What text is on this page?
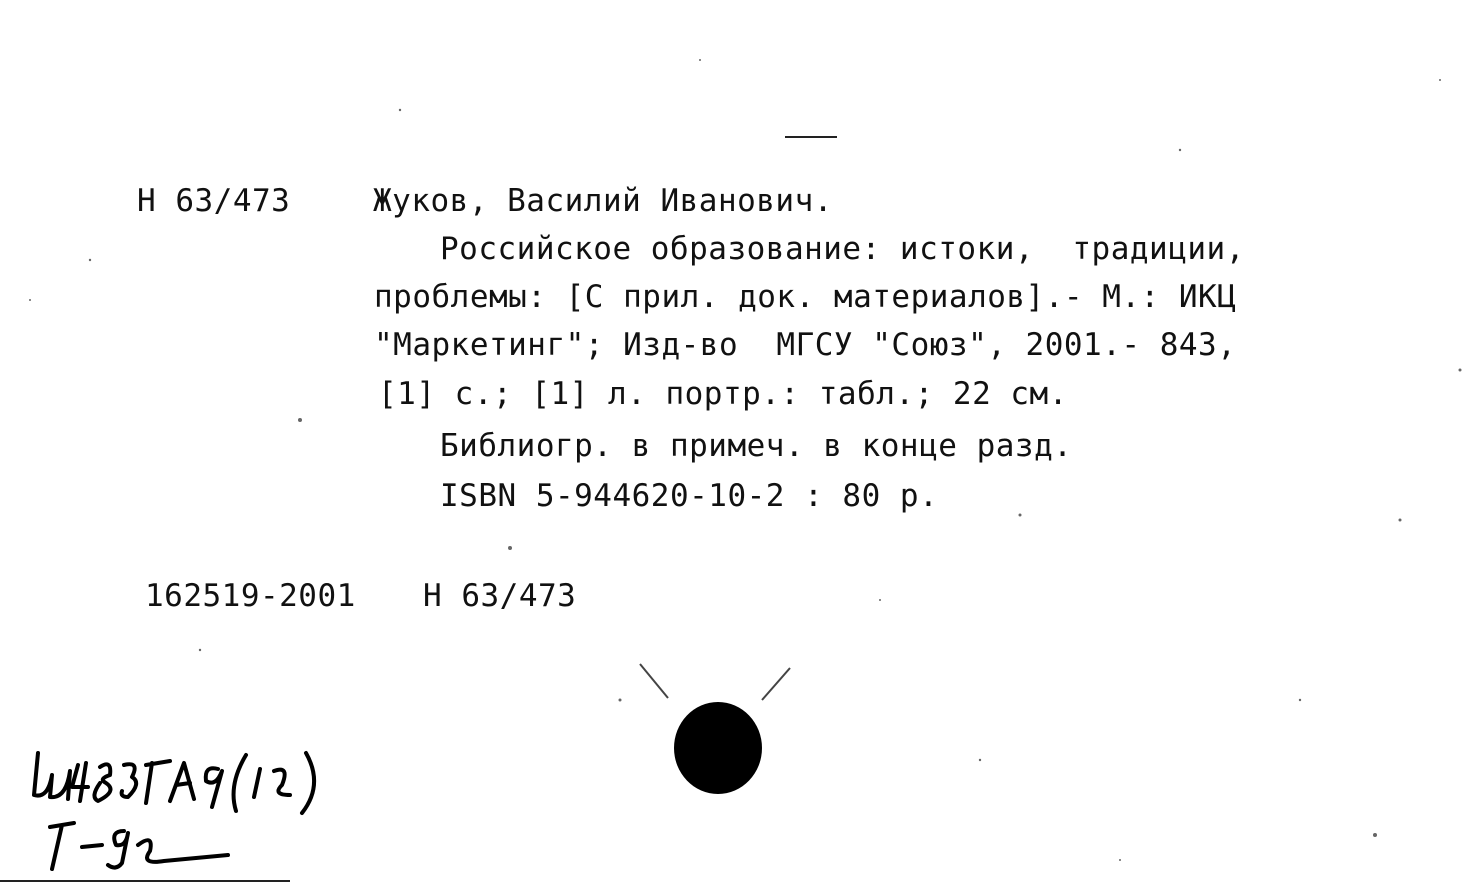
Н 63/473	Жуков, Василий Иванович.
Российское образование: истоки,  традиции,
проблемы: [С прил. док. материалов].- М.: ИКЦ
"Маркетинг"; Изд-во  МГСУ "Союз", 2001.- 843,
[1] с.; [1] л. портр.: табл.; 22 см.
Библиогр. в примеч. в конце разд.
ISBN 5-944620-10-2 : 80 р.
162519-2001 Н 63/473
